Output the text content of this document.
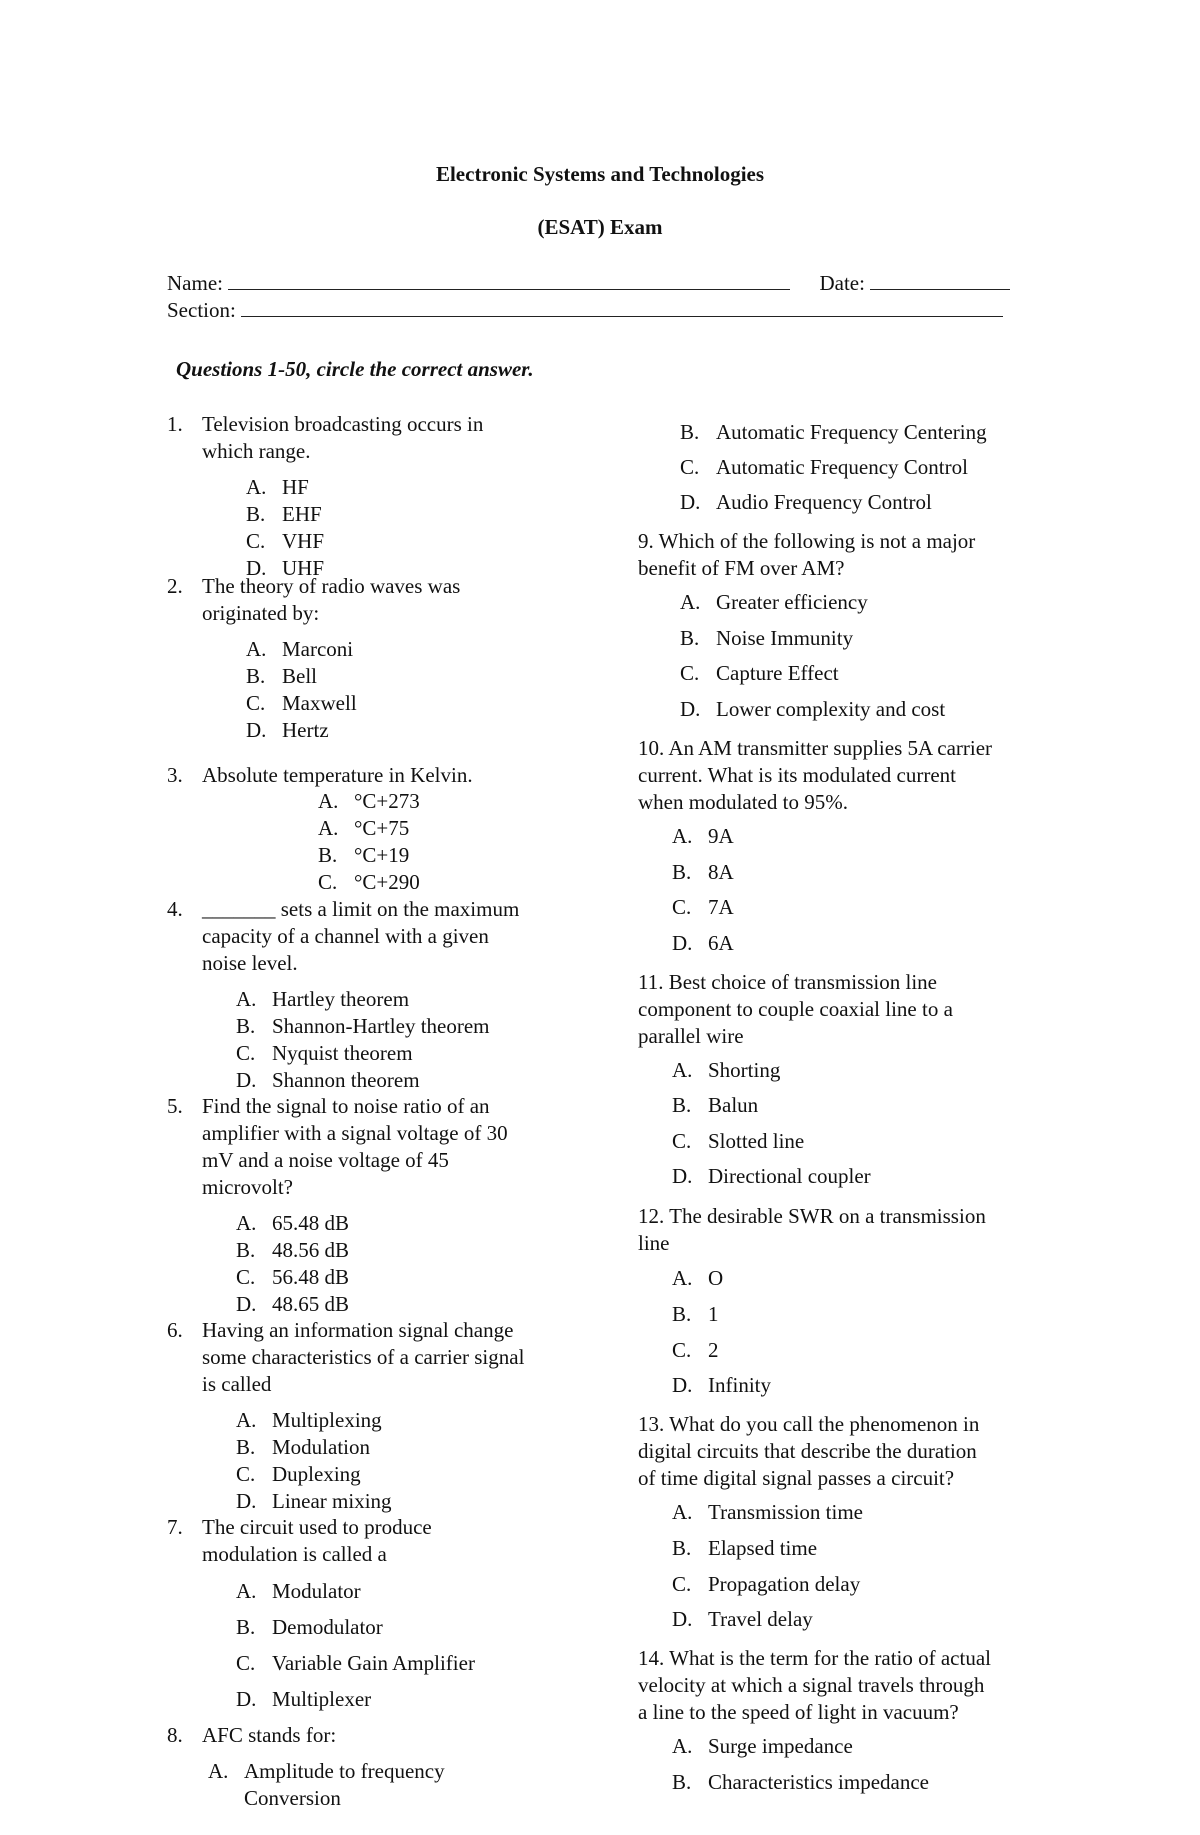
Electronic Systems and Technologies
(ESAT) Exam
Name:	Date:
Section:
Questions 1-50, circle the correct answer.
1. Television broadcasting occurs in
which range.
A. HF
B. EHF
C. VHF
D. UHF
2. The theory of radio waves was
originated by:
A. Marconi
B. Bell
C. Maxwell
D. Hertz
3. Absolute temperature in Kelvin.
A. °C+273
A. °C+75
B. °C+19
C. °C+290
4. _______ sets a limit on the maximum
capacity of a channel with a given
noise level.
A. Hartley theorem
B. Shannon-Hartley theorem
C. Nyquist theorem
D. Shannon theorem
5. Find the signal to noise ratio of an
amplifier with a signal voltage of 30
mV and a noise voltage of 45
microvolt?
A. 65.48 dB
B. 48.56 dB
C. 56.48 dB
D. 48.65 dB
6. Having an information signal change
some characteristics of a carrier signal
is called
A. Multiplexing
B. Modulation
C. Duplexing
D. Linear mixing
7. The circuit used to produce
modulation is called a
A. Modulator
B. Demodulator
C. Variable Gain Amplifier
D. Multiplexer
8. AFC stands for:
A. Amplitude to frequency
Conversion
B. Automatic Frequency Centering
C. Automatic Frequency Control
D. Audio Frequency Control
9. Which of the following is not a major
benefit of FM over AM?
A. Greater efficiency
B. Noise Immunity
C. Capture Effect
D. Lower complexity and cost
10. An AM transmitter supplies 5A carrier
current. What is its modulated current
when modulated to 95%.
A. 9A
B. 8A
C. 7A
D. 6A
11. Best choice of transmission line
component to couple coaxial line to a
parallel wire
A. Shorting
B. Balun
C. Slotted line
D. Directional coupler
12. The desirable SWR on a transmission
line
A. O
B. 1
C. 2
D. Infinity
13. What do you call the phenomenon in
digital circuits that describe the duration
of time digital signal passes a circuit?
A. Transmission time
B. Elapsed time
C. Propagation delay
D. Travel delay
14. What is the term for the ratio of actual
velocity at which a signal travels through
a line to the speed of light in vacuum?
A. Surge impedance
B. Characteristics impedance
